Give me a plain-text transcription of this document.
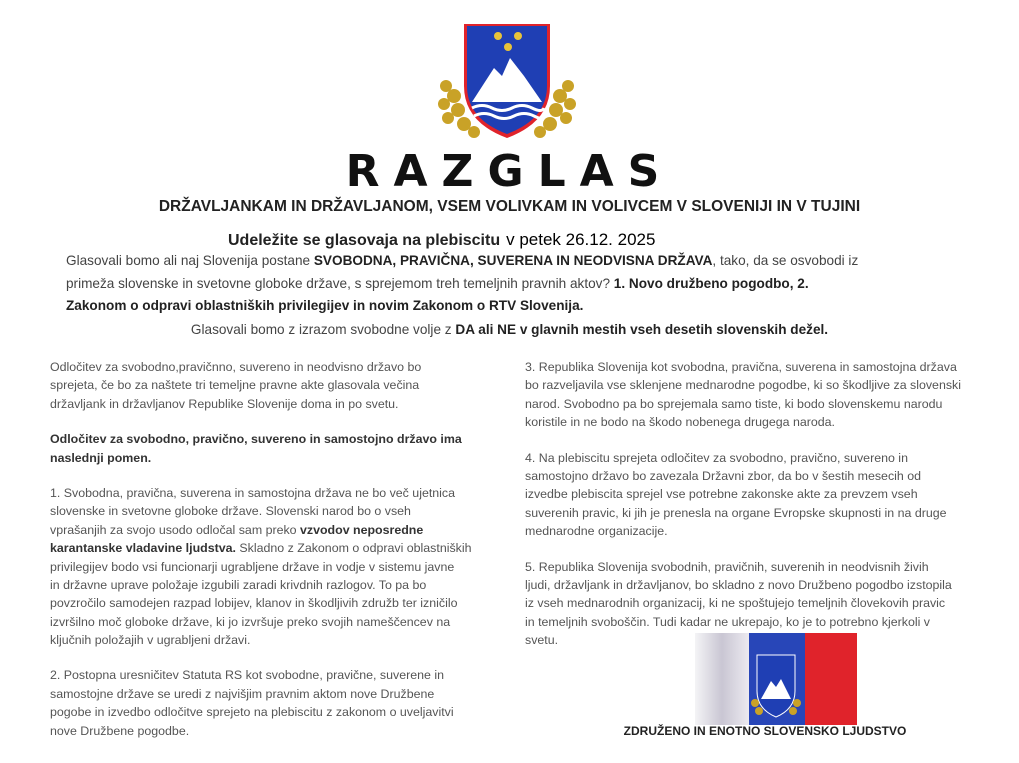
RAZGLAS
DRŽAVLJANKAM IN DRŽAVLJANOM, VSEM VOLIVKAM IN VOLIVCEM V SLOVENIJI IN V TUJINI
Udeležite se glasovaja na plebiscitu v petek 26.12. 2025
Glasovali bomo ali naj Slovenija postane SVOBODNA, PRAVIČNA, SUVERENA IN NEODVISNA DRŽAVA, tako, da se osvobodi iz
primeža slovenske in svetovne globoke države, s sprejemom treh temeljnih pravnih aktov? 1. Novo družbeno pogodbo, 2.
Zakonom o odpravi oblastniških privilegijev in novim Zakonom o RTV Slovenija.
Glasovali bomo z izrazom svobodne volje z DA ali NE v glavnih mestih vseh desetih slovenskih dežel.
Odločitev za svobodno,pravičnno, suvereno in neodvisno državo bo
sprejeta, če bo za naštete tri temeljne pravne akte glasovala večina
državljank in državljanov Republike Slovenije doma in po svetu.
Odločitev za svobodno, pravično, suvereno in samostojno državo ima
naslednji pomen.
1. Svobodna, pravična, suverena in samostojna država ne bo več ujetnica
slovenske in svetovne globoke države. Slovenski narod bo o vseh
vprašanjih za svojo usodo odločal sam preko vzvodov neposredne
karantanske vladavine ljudstva. Skladno z Zakonom o odpravi oblastniških
privilegijev bodo vsi funcionarji ugrabljene države in vodje v sistemu javne
in državne uprave položaje izgubili zaradi krivdnih razlogov. To pa bo
povzročilo samodejen razpad lobijev, klanov in škodljivih združb ter izničilo
izvršilno moč globoke države, ki jo izvršuje preko svojih nameščencev na
ključnih položajih v ugrabljeni državi.
2. Postopna uresničitev Statuta RS kot svobodne, pravične, suverene in
samostojne države se uredi z najvišjim pravnim aktom nove Družbene
pogobe in izvedbo odločitve sprejeto na plebiscitu z zakonom o uveljavitvi
nove Družbene pogodbe.
3. Republika Slovenija kot svobodna, pravična, suverena in samostojna država
bo razveljavila vse sklenjene mednarodne pogodbe, ki so škodljive za slovenski
narod. Svobodno pa bo sprejemala samo tiste, ki bodo slovenskemu narodu
koristile in ne bodo na škodo nobenega drugega naroda.
4. Na plebiscitu sprejeta odločitev za svobodno, pravično, suvereno in
samostojno državo bo zavezala Državni zbor, da bo v šestih mesecih od
izvedbe plebiscita sprejel vse potrebne zakonske akte za prevzem vseh
suverenih pravic, ki jih je prenesla na organe Evropske skupnosti in na druge
mednarodne organizacije.
5. Republika Slovenija svobodnih, pravičnih, suverenih in neodvisnih živih
ljudi, državljank in državljanov, bo skladno z novo Družbeno pogodbo izstopila
iz vseh mednarodnih organizacij, ki ne spoštujejo temeljnih človekovih pravic
in temeljnih svoboščin. Tudi kadar ne ukrepajo, ko je to potrebno kjerkoli v
svetu.
ZDRUŽENO IN ENOTNO SLOVENSKO LJUDSTVO
